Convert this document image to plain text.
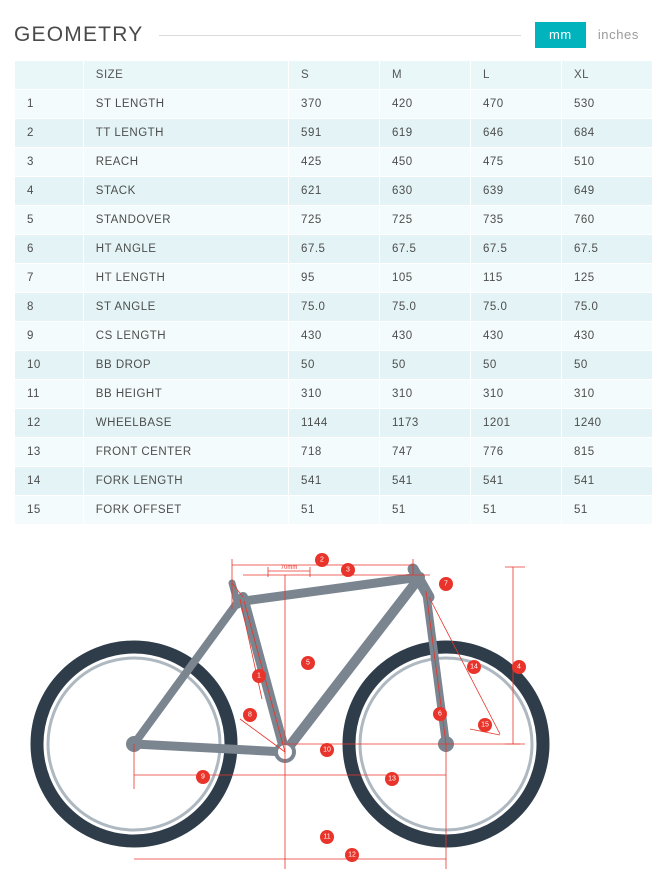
GEOMETRY	mm	inches
	SIZE	S	M	L	XL
1	ST LENGTH	370	420	470	530
2	TT LENGTH	591	619	646	684
3	REACH	425	450	475	510
4	STACK	621	630	639	649
5	STANDOVER	725	725	735	760
6	HT ANGLE	67.5	67.5	67.5	67.5
7	HT LENGTH	95	105	115	125
8	ST ANGLE	75.0	75.0	75.0	75.0
9	CS LENGTH	430	430	430	430
10	BB DROP	50	50	50	50
11	BB HEIGHT	310	310	310	310
12	WHEELBASE	1144	1173	1201	1240
13	FRONT CENTER	718	747	776	815
14	FORK LENGTH	541	541	541	541
15	FORK OFFSET	51	51	51	51
70mm
1
2
3
4
5
6
7
8
9
10
11
12
13
14
15
